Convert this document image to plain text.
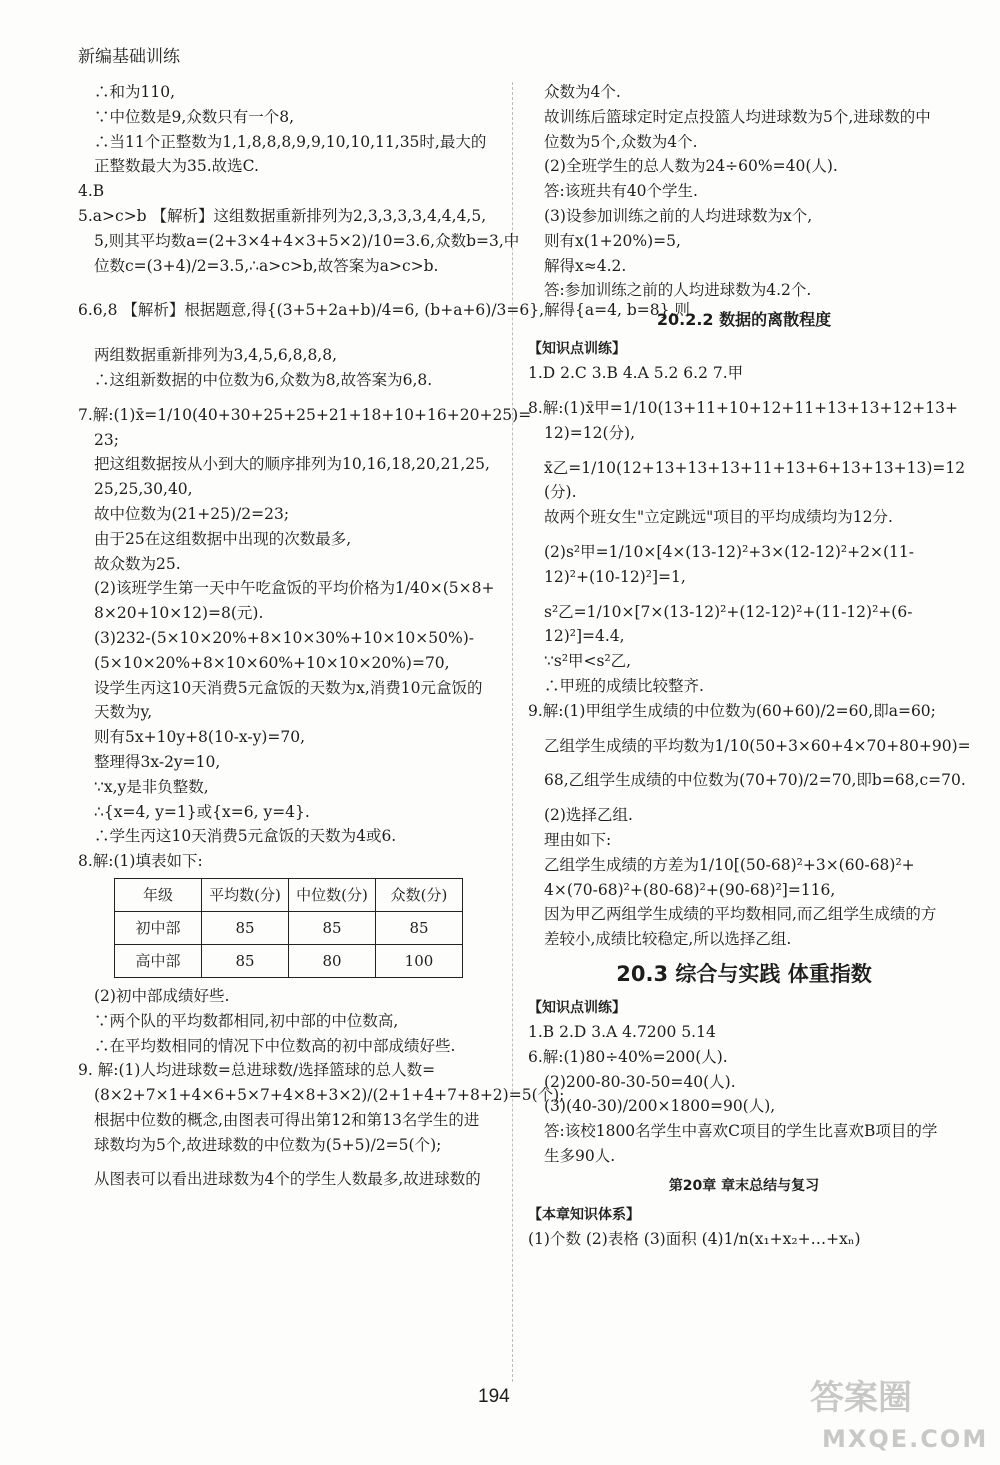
新编基础训练
∴和为110,
∵中位数是9,众数只有一个8,
∴当11个正整数为1,1,8,8,8,9,9,10,10,11,35时,最大的
正整数最大为35.故选C.
4.B
5.a>c>b 【解析】这组数据重新排列为2,3,3,3,3,4,4,4,5,
5,则其平均数a=(2+3×4+4×3+5×2)/10=3.6,众数b=3,中
位数c=(3+4)/2=3.5,∴a>c>b,故答案为a>c>b.
6.6,8 【解析】根据题意,得{(3+5+2a+b)/4=6, (b+a+6)/3=6},解得{a=4, b=8},则
两组数据重新排列为3,4,5,6,8,8,8,
∴这组新数据的中位数为6,众数为8,故答案为6,8.
7.解:(1)x̄=1/10(40+30+25+25+21+18+10+16+20+25)=
23;
把这组数据按从小到大的顺序排列为10,16,18,20,21,25,
25,25,30,40,
故中位数为(21+25)/2=23;
由于25在这组数据中出现的次数最多,
故众数为25.
(2)该班学生第一天中午吃盒饭的平均价格为1/40×(5×8+
8×20+10×12)=8(元).
(3)232-(5×10×20%+8×10×30%+10×10×50%)-
(5×10×20%+8×10×60%+10×10×20%)=70,
设学生丙这10天消费5元盒饭的天数为x,消费10元盒饭的
天数为y,
则有5x+10y+8(10-x-y)=70,
整理得3x-2y=10,
∵x,y是非负整数,
∴{x=4, y=1}或{x=6, y=4}.
∴学生丙这10天消费5元盒饭的天数为4或6.
8.解:(1)填表如下:
年级	平均数(分)	中位数(分)	众数(分)
初中部	85	85	85
高中部	85	80	100
(2)初中部成绩好些.
∵两个队的平均数都相同,初中部的中位数高,
∴在平均数相同的情况下中位数高的初中部成绩好些.
9. 解:(1)人均进球数=总进球数/选择篮球的总人数=
(8×2+7×1+4×6+5×7+4×8+3×2)/(2+1+4+7+8+2)=5(个);
根据中位数的概念,由图表可得出第12和第13名学生的进
球数均为5个,故进球数的中位数为(5+5)/2=5(个);
从图表可以看出进球数为4个的学生人数最多,故进球数的
众数为4个.
故训练后篮球定时定点投篮人均进球数为5个,进球数的中
位数为5个,众数为4个.
(2)全班学生的总人数为24÷60%=40(人).
答:该班共有40个学生.
(3)设参加训练之前的人均进球数为x个,
则有x(1+20%)=5,
解得x≈4.2.
答:参加训练之前的人均进球数为4.2个.
20.2.2 数据的离散程度
【知识点训练】
1.D 2.C 3.B 4.A 5.2 6.2 7.甲
8.解:(1)x̄甲=1/10(13+11+10+12+11+13+13+12+13+
12)=12(分),
x̄乙=1/10(12+13+13+13+11+13+6+13+13+13)=12
(分).
故两个班女生"立定跳远"项目的平均成绩均为12分.
(2)s²甲=1/10×[4×(13-12)²+3×(12-12)²+2×(11-
12)²+(10-12)²]=1,
s²乙=1/10×[7×(13-12)²+(12-12)²+(11-12)²+(6-
12)²]=4.4,
∵s²甲<s²乙,
∴甲班的成绩比较整齐.
9.解:(1)甲组学生成绩的中位数为(60+60)/2=60,即a=60;
乙组学生成绩的平均数为1/10(50+3×60+4×70+80+90)=
68,乙组学生成绩的中位数为(70+70)/2=70,即b=68,c=70.
(2)选择乙组.
理由如下:
乙组学生成绩的方差为1/10[(50-68)²+3×(60-68)²+
4×(70-68)²+(80-68)²+(90-68)²]=116,
因为甲乙两组学生成绩的平均数相同,而乙组学生成绩的方
差较小,成绩比较稳定,所以选择乙组.
20.3 综合与实践 体重指数
【知识点训练】
1.B 2.D 3.A 4.7200 5.14
6.解:(1)80÷40%=200(人).
(2)200-80-30-50=40(人).
(3)(40-30)/200×1800=90(人),
答:该校1800名学生中喜欢C项目的学生比喜欢B项目的学
生多90人.
第20章 章末总结与复习
【本章知识体系】
(1)个数 (2)表格 (3)面积 (4)1/n(x₁+x₂+…+xₙ)
194	答案圈
MXQE.COM
